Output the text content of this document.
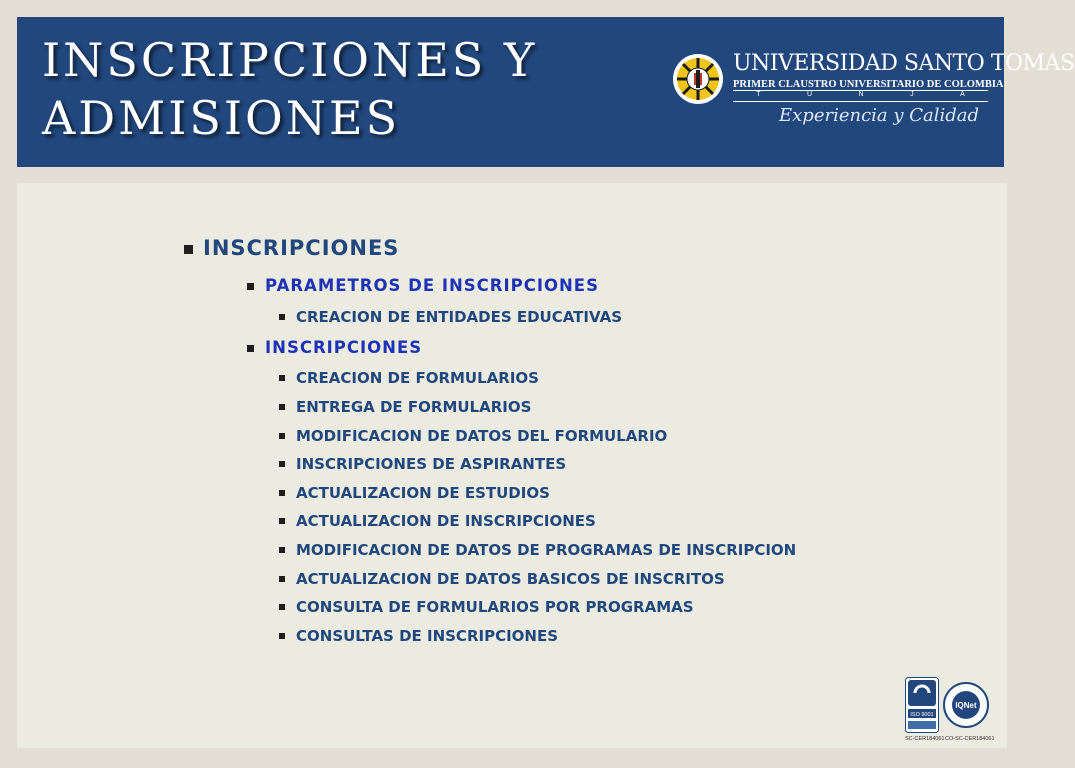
INSCRIPCIONES Y
ADMISIONES
UNIVERSIDAD SANTO TOMAS
PRIMER CLAUSTRO UNIVERSITARIO DE COLOMBIA
T	U	N	J	A
Experiencia y Calidad
INSCRIPCIONES
PARAMETROS DE INSCRIPCIONES
CREACION DE ENTIDADES EDUCATIVAS
INSCRIPCIONES
CREACION DE FORMULARIOS
ENTREGA DE FORMULARIOS
MODIFICACION DE DATOS DEL FORMULARIO
INSCRIPCIONES DE ASPIRANTES
ACTUALIZACION DE ESTUDIOS
ACTUALIZACION DE INSCRIPCIONES
MODIFICACION DE DATOS DE PROGRAMAS DE INSCRIPCION
ACTUALIZACION DE DATOS BASICOS DE INSCRITOS
CONSULTA DE FORMULARIOS POR PROGRAMAS
CONSULTAS DE INSCRIPCIONES
ISO 9001
IQNet
SC-CER184061 CO-SC-CER184061
